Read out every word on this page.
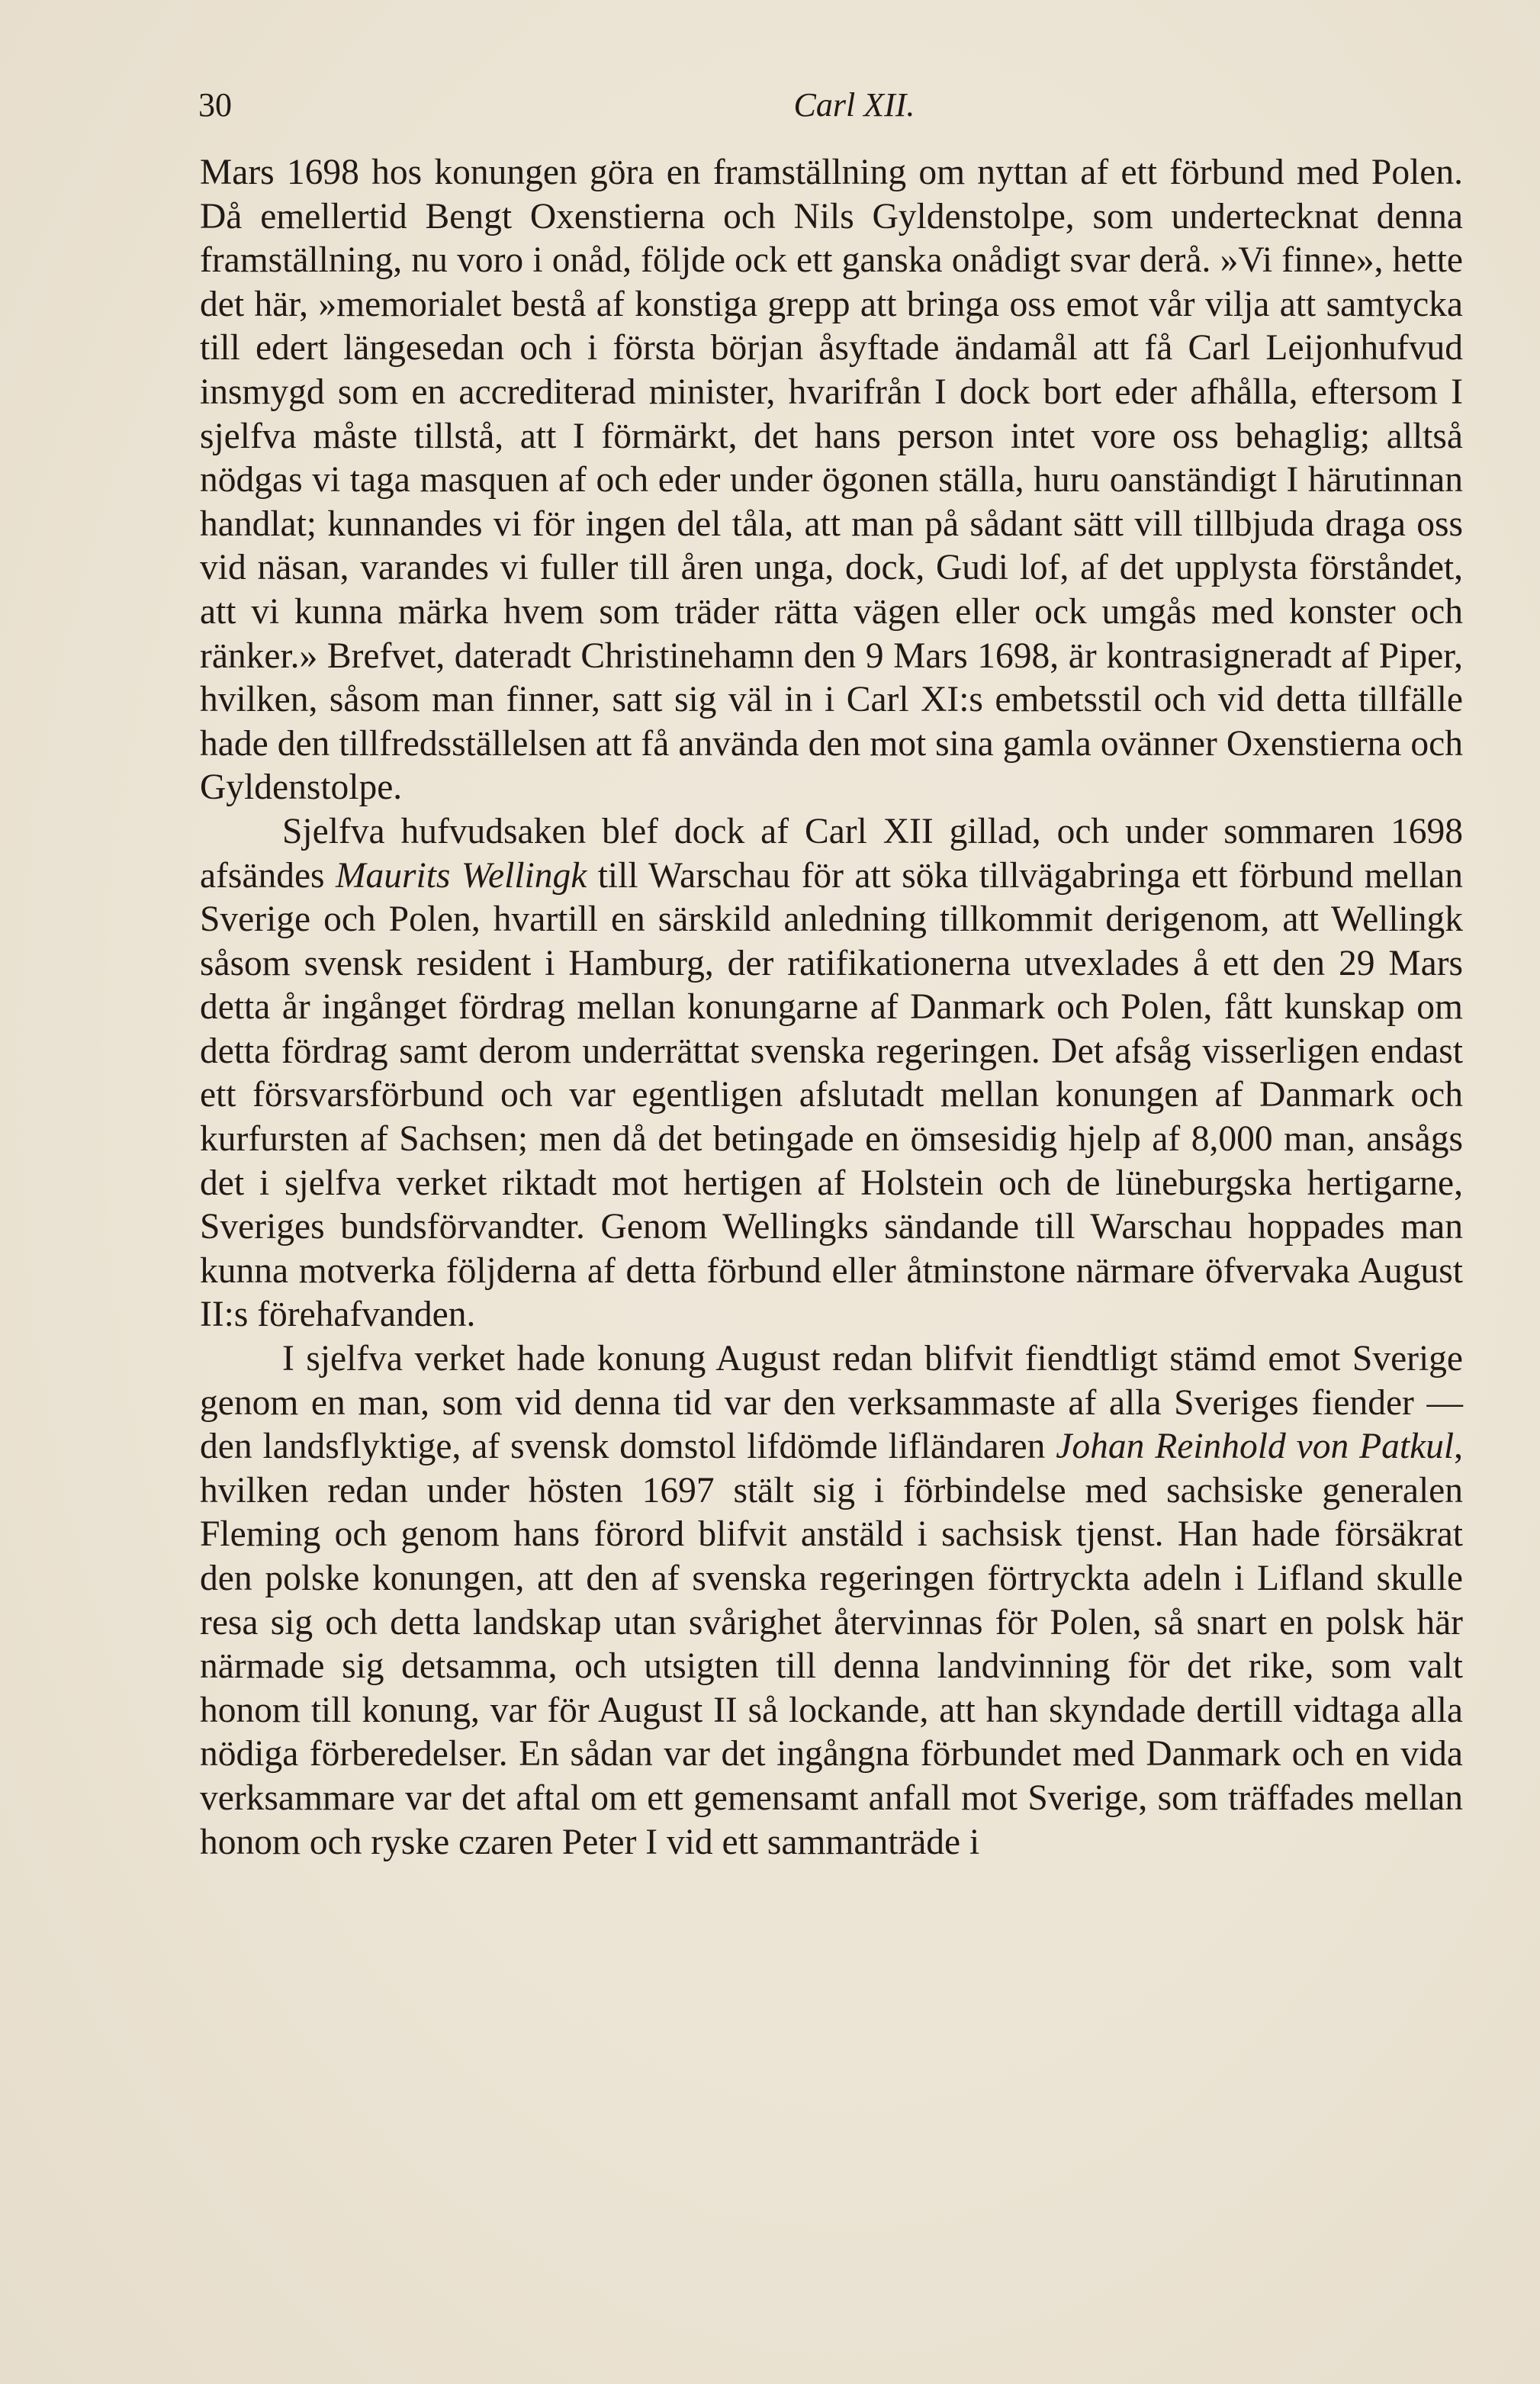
30	Carl XII.

Mars 1698 hos konungen göra en framställning om nyttan af ett förbund med Polen. Då emellertid Bengt Oxenstierna och Nils Gyldenstolpe, som undertecknat denna framställning, nu voro i onåd, följde ock ett ganska onådigt svar derå. »Vi finne», hette det här, »memorialet bestå af konstiga grepp att bringa oss emot vår vilja att samtycka till edert längesedan och i första början åsyftade ändamål att få Carl Leijonhufvud insmygd som en accrediterad minister, hvarifrån I dock bort eder afhålla, eftersom I sjelfva måste tillstå, att I förmärkt, det hans person intet vore oss behaglig; alltså nödgas vi taga masquen af och eder under ögonen ställa, huru oanständigt I härutinnan handlat; kunnandes vi för ingen del tåla, att man på sådant sätt vill tillbjuda draga oss vid näsan, varandes vi fuller till åren unga, dock, Gudi lof, af det upplysta förståndet, att vi kunna märka hvem som träder rätta vägen eller ock umgås med konster och ränker.» Brefvet, dateradt Christinehamn den 9 Mars 1698, är kontrasigneradt af Piper, hvilken, såsom man finner, satt sig väl in i Carl XI:s embetsstil och vid detta tillfälle hade den tillfredsställelsen att få använda den mot sina gamla ovänner Oxenstierna och Gyldenstolpe.

Sjelfva hufvudsaken blef dock af Carl XII gillad, och under sommaren 1698 afsändes Maurits Wellingk till Warschau för att söka tillvägabringa ett förbund mellan Sverige och Polen, hvartill en särskild anledning tillkommit derigenom, att Wellingk såsom svensk resident i Hamburg, der ratifikationerna utvexlades å ett den 29 Mars detta år ingånget fördrag mellan konungarne af Danmark och Polen, fått kunskap om detta fördrag samt derom underrättat svenska regeringen. Det afsåg visserligen endast ett försvarsförbund och var egentligen afslutadt mellan konungen af Danmark och kurfursten af Sachsen; men då det betingade en ömsesidig hjelp af 8,000 man, ansågs det i sjelfva verket riktadt mot hertigen af Holstein och de lüneburgska hertigarne, Sveriges bundsförvandter. Genom Wellingks sändande till Warschau hoppades man kunna motverka följderna af detta förbund eller åtminstone närmare öfvervaka August II:s förehafvanden.

I sjelfva verket hade konung August redan blifvit fiendtligt stämd emot Sverige genom en man, som vid denna tid var den verksammaste af alla Sveriges fiender — den landsflyktige, af svensk domstol lifdömde lifländaren Johan Reinhold von Patkul, hvilken redan under hösten 1697 stält sig i förbindelse med sachsiske generalen Fleming och genom hans förord blifvit anstäld i sachsisk tjenst. Han hade försäkrat den polske konungen, att den af svenska regeringen förtryckta adeln i Lifland skulle resa sig och detta landskap utan svårighet återvinnas för Polen, så snart en polsk här närmade sig detsamma, och utsigten till denna landvinning för det rike, som valt honom till konung, var för August II så lockande, att han skyndade dertill vidtaga alla nödiga förberedelser. En sådan var det ingångna förbundet med Danmark och en vida verksammare var det aftal om ett gemensamt anfall mot Sverige, som träffades mellan honom och ryske czaren Peter I vid ett sammanträde i
